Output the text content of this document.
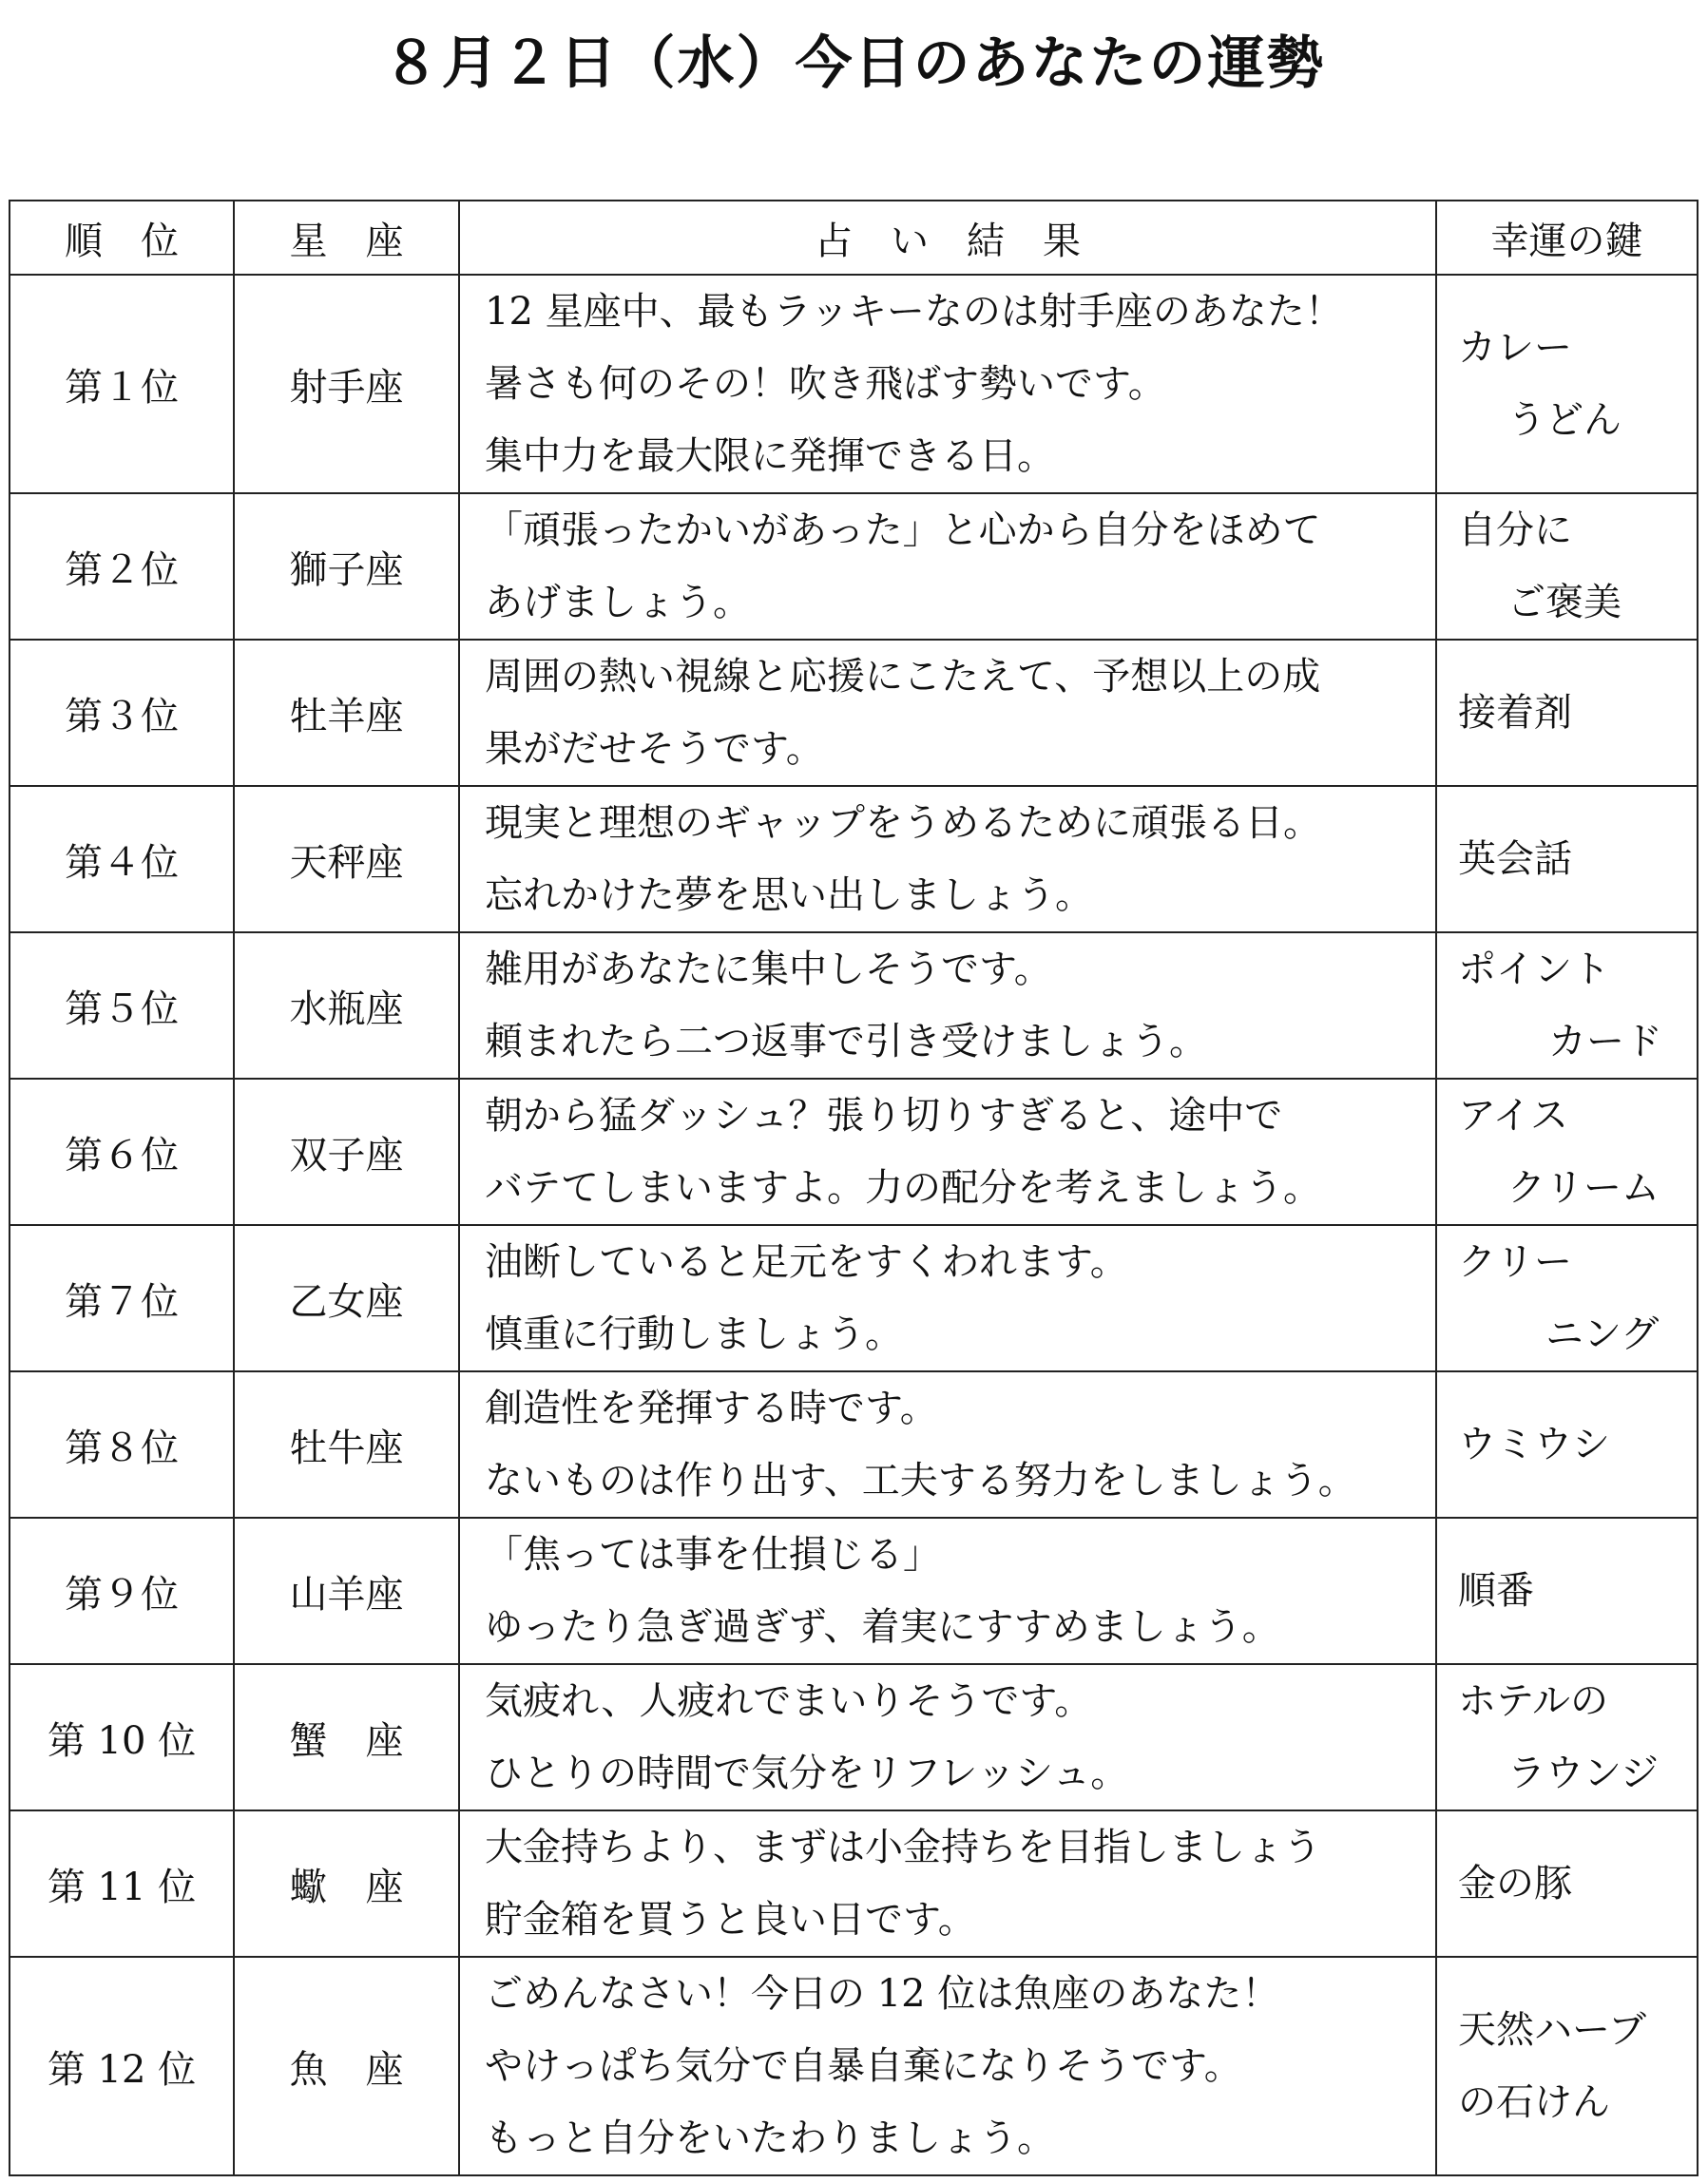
８月２日（水）今日のあなたの運勢
順　位	星　座	占　い　結　果	幸運の鍵
第１位	射手座	12 星座中、最もラッキーなのは射手座のあなた！
暑さも何のその！吹き飛ばす勢いです。
集中力を最大限に発揮できる日。	カレー
うどん

第２位	獅子座	「頑張ったかいがあった」と心から自分をほめて
あげましょう。	自分に
ご褒美

第３位	牡羊座	周囲の熱い視線と応援にこたえて、予想以上の成
果がだせそうです。	接着剤

第４位	天秤座	現実と理想のギャップをうめるために頑張る日。
忘れかけた夢を思い出しましょう。	英会話

第５位	水瓶座	雑用があなたに集中しそうです。
頼まれたら二つ返事で引き受けましょう。	ポイント
カード

第６位	双子座	朝から猛ダッシュ？張り切りすぎると、途中で
バテてしまいますよ。力の配分を考えましょう。	アイス
クリーム

第７位	乙女座	油断していると足元をすくわれます。
慎重に行動しましょう。	クリー
ニング

第８位	牡牛座	創造性を発揮する時です。
ないものは作り出す、工夫する努力をしましょう。	ウミウシ

第９位	山羊座	「焦っては事を仕損じる」
ゆったり急ぎ過ぎず、着実にすすめましょう。	順番

第 10 位	蟹　座	気疲れ、人疲れでまいりそうです。
ひとりの時間で気分をリフレッシュ。	ホテルの
ラウンジ

第 11 位	蠍　座	大金持ちより、まずは小金持ちを目指しましょう
貯金箱を買うと良い日です。	金の豚

第 12 位	魚　座	ごめんなさい！今日の 12 位は魚座のあなた！
やけっぱち気分で自暴自棄になりそうです。
もっと自分をいたわりましょう。	天然ハーブ
の石けん
